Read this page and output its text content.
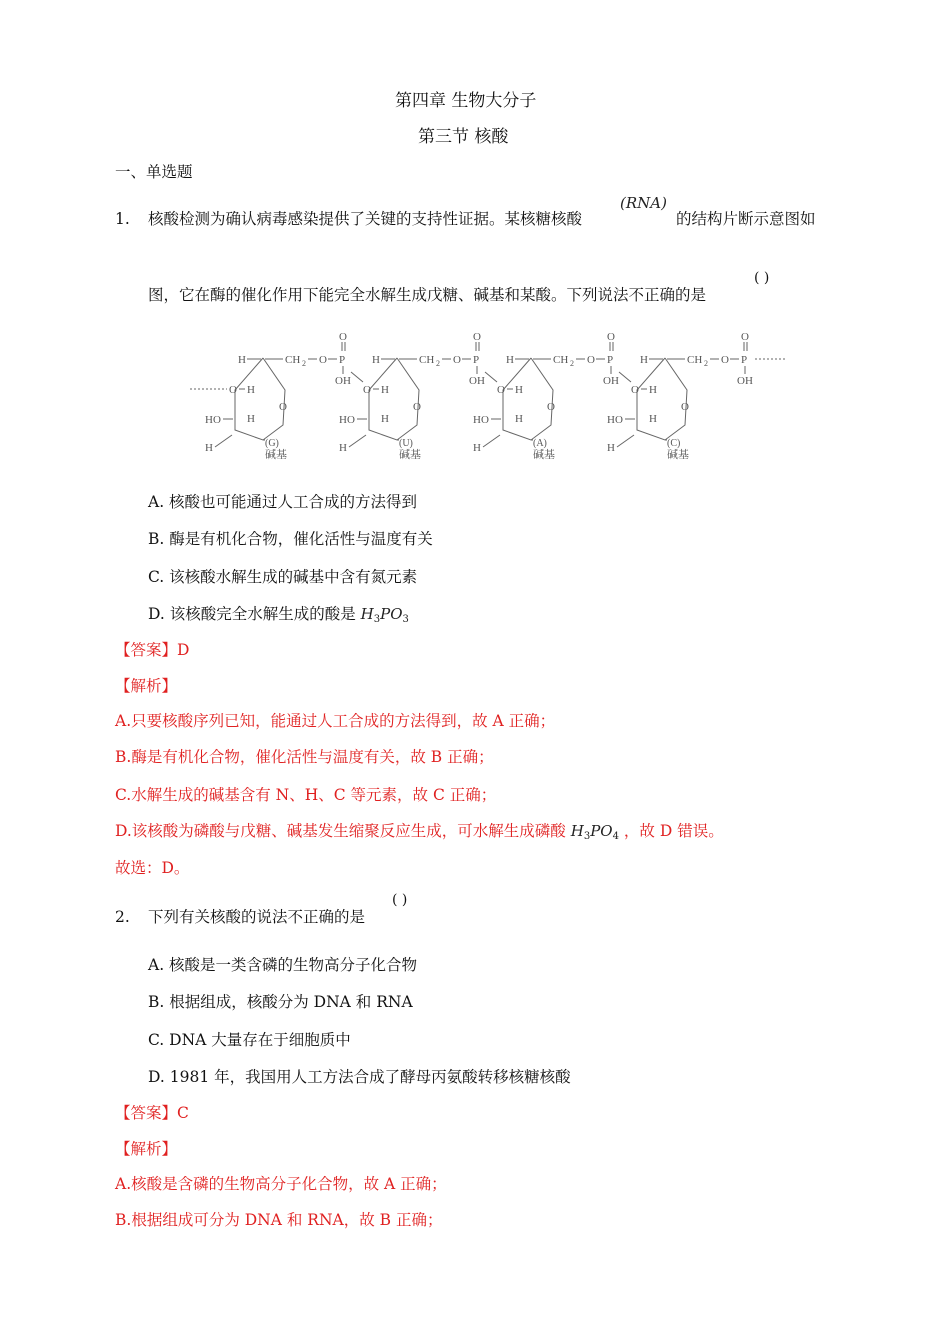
第四章 生物大分子
第三节 核酸
一、单选题
1. 核酸检测为确认病毒感染提供了关键的支持性证据。某核糖核酸
(RNA)
的结构片断示意图如
图，它在酶的催化作用下能完全水解生成戊糖、碱基和某酸。下列说法不正确的是
( )
O
H	CH 2 O P
O
OH
O H
HO H
H	(G)
碱基
O
H	CH 2 O P
O
OH
O H
HO H
H	(U)
碱基
O
H	CH 2 O P
O
OH
O H
HO H
H	(A)
碱基
O
H	CH 2 O P
O
OH
O H
HO H
H	(C)
碱基
A. 核酸也可能通过人工合成的方法得到
B. 酶是有机化合物，催化活性与温度有关
C. 该核酸水解生成的碱基中含有氮元素
D. 该核酸完全水解生成的酸是 $H_3PO_3$
【答案】D
【解析】
A.只要核酸序列已知，能通过人工合成的方法得到，故 A 正确；
B.酶是有机化合物，催化活性与温度有关，故 B 正确；
C.水解生成的碱基含有 N、H、C 等元素，故 C 正确；
D.该核酸为磷酸与戊糖、碱基发生缩聚反应生成，可水解生成磷酸 $H_3PO_4$ ，故 D 错误。
故选：D。
2. 下列有关核酸的说法不正确的是
( )
A. 核酸是一类含磷的生物高分子化合物
B. 根据组成，核酸分为 DNA 和 RNA
C. DNA 大量存在于细胞质中
D. 1981 年，我国用人工方法合成了酵母丙氨酸转移核糖核酸
【答案】C
【解析】
A.核酸是含磷的生物高分子化合物，故 A 正确；
B.根据组成可分为 DNA 和 RNA，故 B 正确；
